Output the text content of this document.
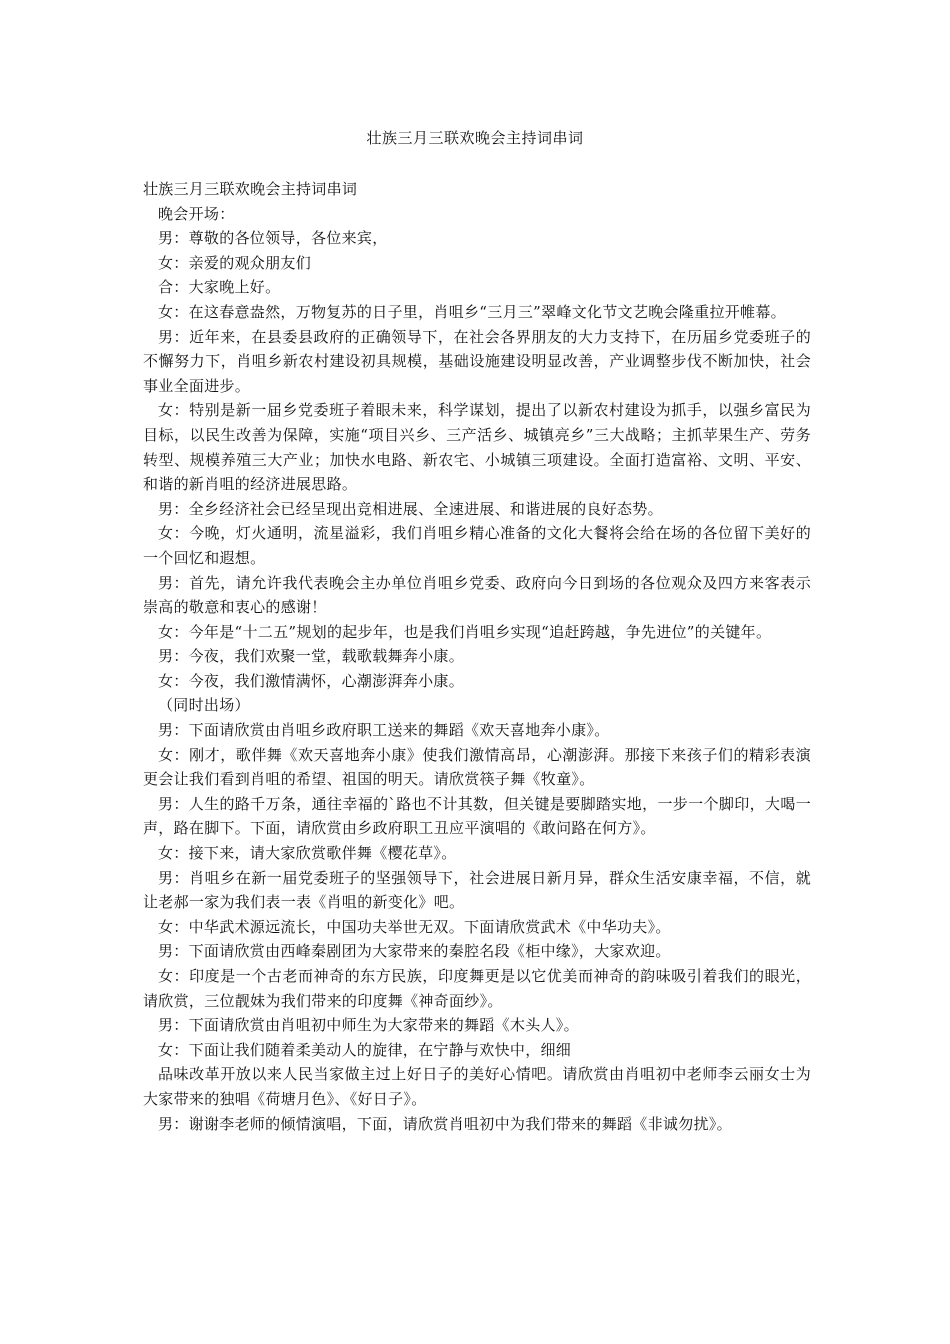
壮族三月三联欢晚会主持词串词

壮族三月三联欢晚会主持词串词

晚会开场：

男：尊敬的各位领导，各位来宾，

女：亲爱的观众朋友们

合：大家晚上好。

女：在这春意盎然，万物复苏的日子里，肖咀乡“三月三”翠峰文化节文艺晚会隆重拉开帷幕。

男：近年来，在县委县政府的正确领导下，在社会各界朋友的大力支持下，在历届乡党委班子的不懈努力下，肖咀乡新农村建设初具规模，基础设施建设明显改善，产业调整步伐不断加快，社会事业全面进步。

女：特别是新一届乡党委班子着眼未来，科学谋划，提出了以新农村建设为抓手，以强乡富民为目标，以民生改善为保障，实施“项目兴乡、三产活乡、城镇亮乡”三大战略；主抓苹果生产、劳务转型、规模养殖三大产业；加快水电路、新农宅、小城镇三项建设。全面打造富裕、文明、平安、和谐的新肖咀的经济进展思路。

男：全乡经济社会已经呈现出竞相进展、全速进展、和谐进展的良好态势。

女：今晚，灯火通明，流星溢彩，我们肖咀乡精心准备的文化大餐将会给在场的各位留下美好的一个回忆和遐想。

男：首先，请允许我代表晚会主办单位肖咀乡党委、政府向今日到场的各位观众及四方来客表示崇高的敬意和衷心的感谢！

女：今年是“十二五”规划的起步年，也是我们肖咀乡实现“追赶跨越，争先进位”的关键年。

男：今夜，我们欢聚一堂，载歌载舞奔小康。

女：今夜，我们激情满怀，心潮澎湃奔小康。

（同时出场）

男：下面请欣赏由肖咀乡政府职工送来的舞蹈《欢天喜地奔小康》。

女：刚才，歌伴舞《欢天喜地奔小康》使我们激情高昂，心潮澎湃。那接下来孩子们的精彩表演更会让我们看到肖咀的希望、祖国的明天。请欣赏筷子舞《牧童》。

男：人生的路千万条，通往幸福的`路也不计其数，但关键是要脚踏实地，一步一个脚印，大喝一声，路在脚下。下面，请欣赏由乡政府职工丑应平演唱的《敢问路在何方》。

女：接下来，请大家欣赏歌伴舞《樱花草》。

男：肖咀乡在新一届党委班子的坚强领导下，社会进展日新月异，群众生活安康幸福，不信，就让老郝一家为我们表一表《肖咀的新变化》吧。

女：中华武术源远流长，中国功夫举世无双。下面请欣赏武术《中华功夫》。

男：下面请欣赏由西峰秦剧团为大家带来的秦腔名段《柜中缘》，大家欢迎。

女：印度是一个古老而神奇的东方民族，印度舞更是以它优美而神奇的韵味吸引着我们的眼光，请欣赏，三位靓妹为我们带来的印度舞《神奇面纱》。

男：下面请欣赏由肖咀初中师生为大家带来的舞蹈《木头人》。

女：下面让我们随着柔美动人的旋律，在宁静与欢快中，细细

品味改革开放以来人民当家做主过上好日子的美好心情吧。请欣赏由肖咀初中老师李云丽女士为大家带来的独唱《荷塘月色》、《好日子》。

男：谢谢李老师的倾情演唱，下面，请欣赏肖咀初中为我们带来的舞蹈《非诚勿扰》。
